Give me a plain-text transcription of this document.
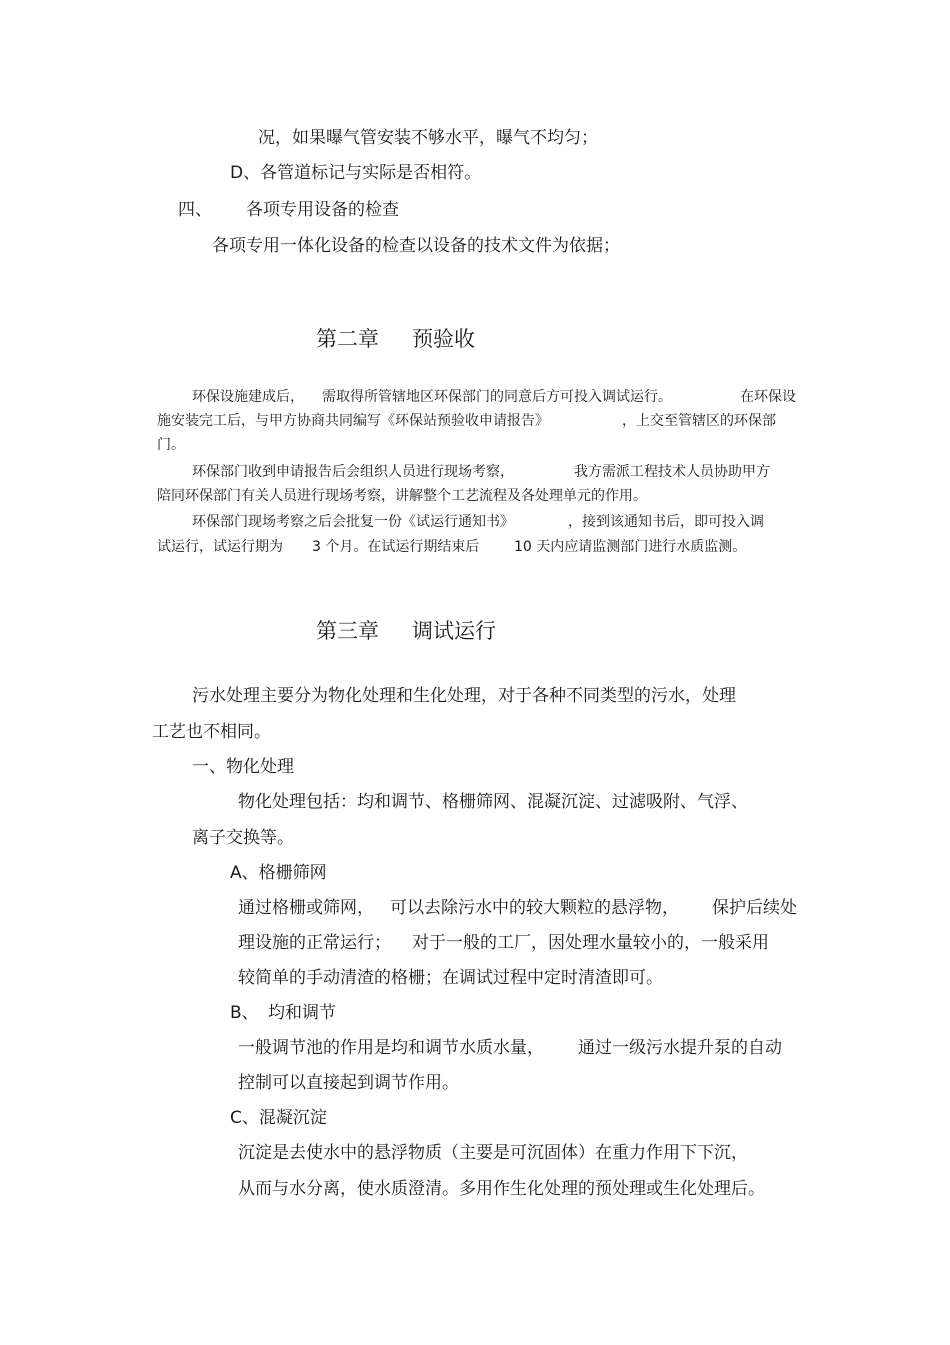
况，如果曝气管安装不够水平，曝气不均匀；
D、各管道标记与实际是否相符。
四、 各项专用设备的检查
各项专用一体化设备的检查以设备的技术文件为依据；
第二章 预验收
环保设施建成后， 需取得所管辖地区环保部门的同意后方可投入调试运行。	在环保设
施安装完工后，与甲方协商共同编写《环保站预验收申请报告》	，上交至管辖区的环保部
门。
环保部门收到申请报告后会组织人员进行现场考察，	我方需派工程技术人员协助甲方
陪同环保部门有关人员进行现场考察，讲解整个工艺流程及各处理单元的作用。
环保部门现场考察之后会批复一份《试运行通知书》	，接到该通知书后，即可投入调
试运行，试运行期为 3 个月。在试运行期结束后 10 天内应请监测部门进行水质监测。
第三章 调试运行
污水处理主要分为物化处理和生化处理，对于各种不同类型的污水，处理
工艺也不相同。
一、物化处理
物化处理包括：均和调节、格栅筛网、混凝沉淀、过滤吸附、气浮、
离子交换等。
A、格栅筛网
通过格栅或筛网， 可以去除污水中的较大颗粒的悬浮物， 保护后续处
理设施的正常运行； 对于一般的工厂，因处理水量较小的，一般采用
较简单的手动清渣的格栅；在调试过程中定时清渣即可。
B、 均和调节
一般调节池的作用是均和调节水质水量， 通过一级污水提升泵的自动
控制可以直接起到调节作用。
C、混凝沉淀
沉淀是去使水中的悬浮物质（主要是可沉固体）在重力作用下下沉，
从而与水分离，使水质澄清。多用作生化处理的预处理或生化处理后。
